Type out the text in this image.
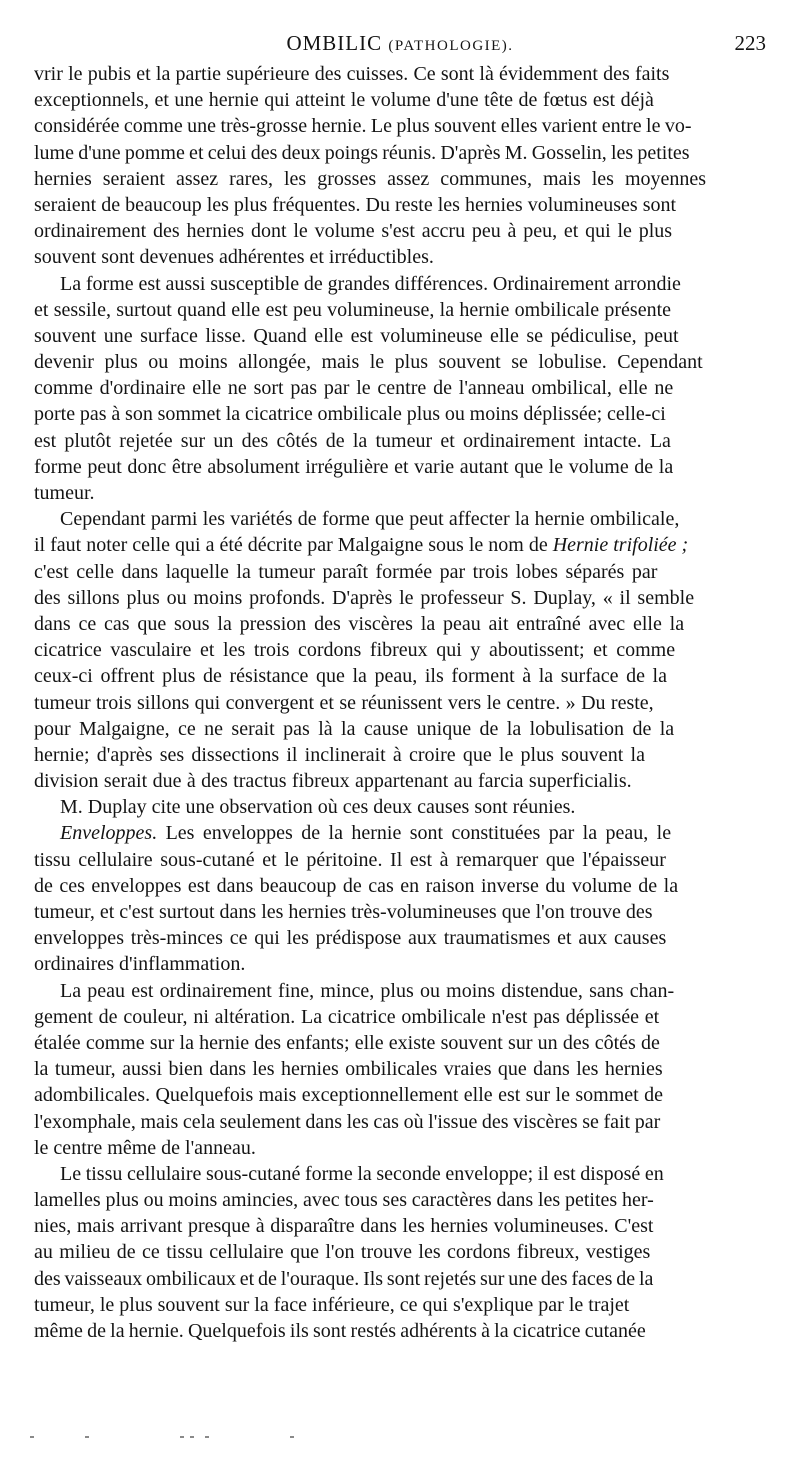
OMBILIC (PATHOLOGIE).	223
vrir le pubis et la partie supérieure des cuisses. Ce sont là évidemment des faits
exceptionnels, et une hernie qui atteint le volume d'une tête de fœtus est déjà
considérée comme une très-grosse hernie. Le plus souvent elles varient entre le vo-
lume d'une pomme et celui des deux poings réunis. D'après M. Gosselin, les petites
hernies seraient assez rares, les grosses assez communes, mais les moyennes
seraient de beaucoup les plus fréquentes. Du reste les hernies volumineuses sont
ordinairement des hernies dont le volume s'est accru peu à peu, et qui le plus
souvent sont devenues adhérentes et irréductibles.
La forme est aussi susceptible de grandes différences. Ordinairement arrondie
et sessile, surtout quand elle est peu volumineuse, la hernie ombilicale présente
souvent une surface lisse. Quand elle est volumineuse elle se pédiculise, peut
devenir plus ou moins allongée, mais le plus souvent se lobulise. Cependant
comme d'ordinaire elle ne sort pas par le centre de l'anneau ombilical, elle ne
porte pas à son sommet la cicatrice ombilicale plus ou moins déplissée; celle-ci
est plutôt rejetée sur un des côtés de la tumeur et ordinairement intacte. La
forme peut donc être absolument irrégulière et varie autant que le volume de la
tumeur.
Cependant parmi les variétés de forme que peut affecter la hernie ombilicale,
il faut noter celle qui a été décrite par Malgaigne sous le nom de Hernie trifoliée ;
c'est celle dans laquelle la tumeur paraît formée par trois lobes séparés par
des sillons plus ou moins profonds. D'après le professeur S. Duplay, « il semble
dans ce cas que sous la pression des viscères la peau ait entraîné avec elle la
cicatrice vasculaire et les trois cordons fibreux qui y aboutissent; et comme
ceux-ci offrent plus de résistance que la peau, ils forment à la surface de la
tumeur trois sillons qui convergent et se réunissent vers le centre. » Du reste,
pour Malgaigne, ce ne serait pas là la cause unique de la lobulisation de la
hernie; d'après ses dissections il inclinerait à croire que le plus souvent la
division serait due à des tractus fibreux appartenant au farcia superficialis.
M. Duplay cite une observation où ces deux causes sont réunies.
Enveloppes. Les enveloppes de la hernie sont constituées par la peau, le
tissu cellulaire sous-cutané et le péritoine. Il est à remarquer que l'épaisseur
de ces enveloppes est dans beaucoup de cas en raison inverse du volume de la
tumeur, et c'est surtout dans les hernies très-volumineuses que l'on trouve des
enveloppes très-minces ce qui les prédispose aux traumatismes et aux causes
ordinaires d'inflammation.
La peau est ordinairement fine, mince, plus ou moins distendue, sans chan-
gement de couleur, ni altération. La cicatrice ombilicale n'est pas déplissée et
étalée comme sur la hernie des enfants; elle existe souvent sur un des côtés de
la tumeur, aussi bien dans les hernies ombilicales vraies que dans les hernies
adombilicales. Quelquefois mais exceptionnellement elle est sur le sommet de
l'exomphale, mais cela seulement dans les cas où l'issue des viscères se fait par
le centre même de l'anneau.
Le tissu cellulaire sous-cutané forme la seconde enveloppe; il est disposé en
lamelles plus ou moins amincies, avec tous ses caractères dans les petites her-
nies, mais arrivant presque à disparaître dans les hernies volumineuses. C'est
au milieu de ce tissu cellulaire que l'on trouve les cordons fibreux, vestiges
des vaisseaux ombilicaux et de l'ouraque. Ils sont rejetés sur une des faces de la
tumeur, le plus souvent sur la face inférieure, ce qui s'explique par le trajet
même de la hernie. Quelquefois ils sont restés adhérents à la cicatrice cutanée
